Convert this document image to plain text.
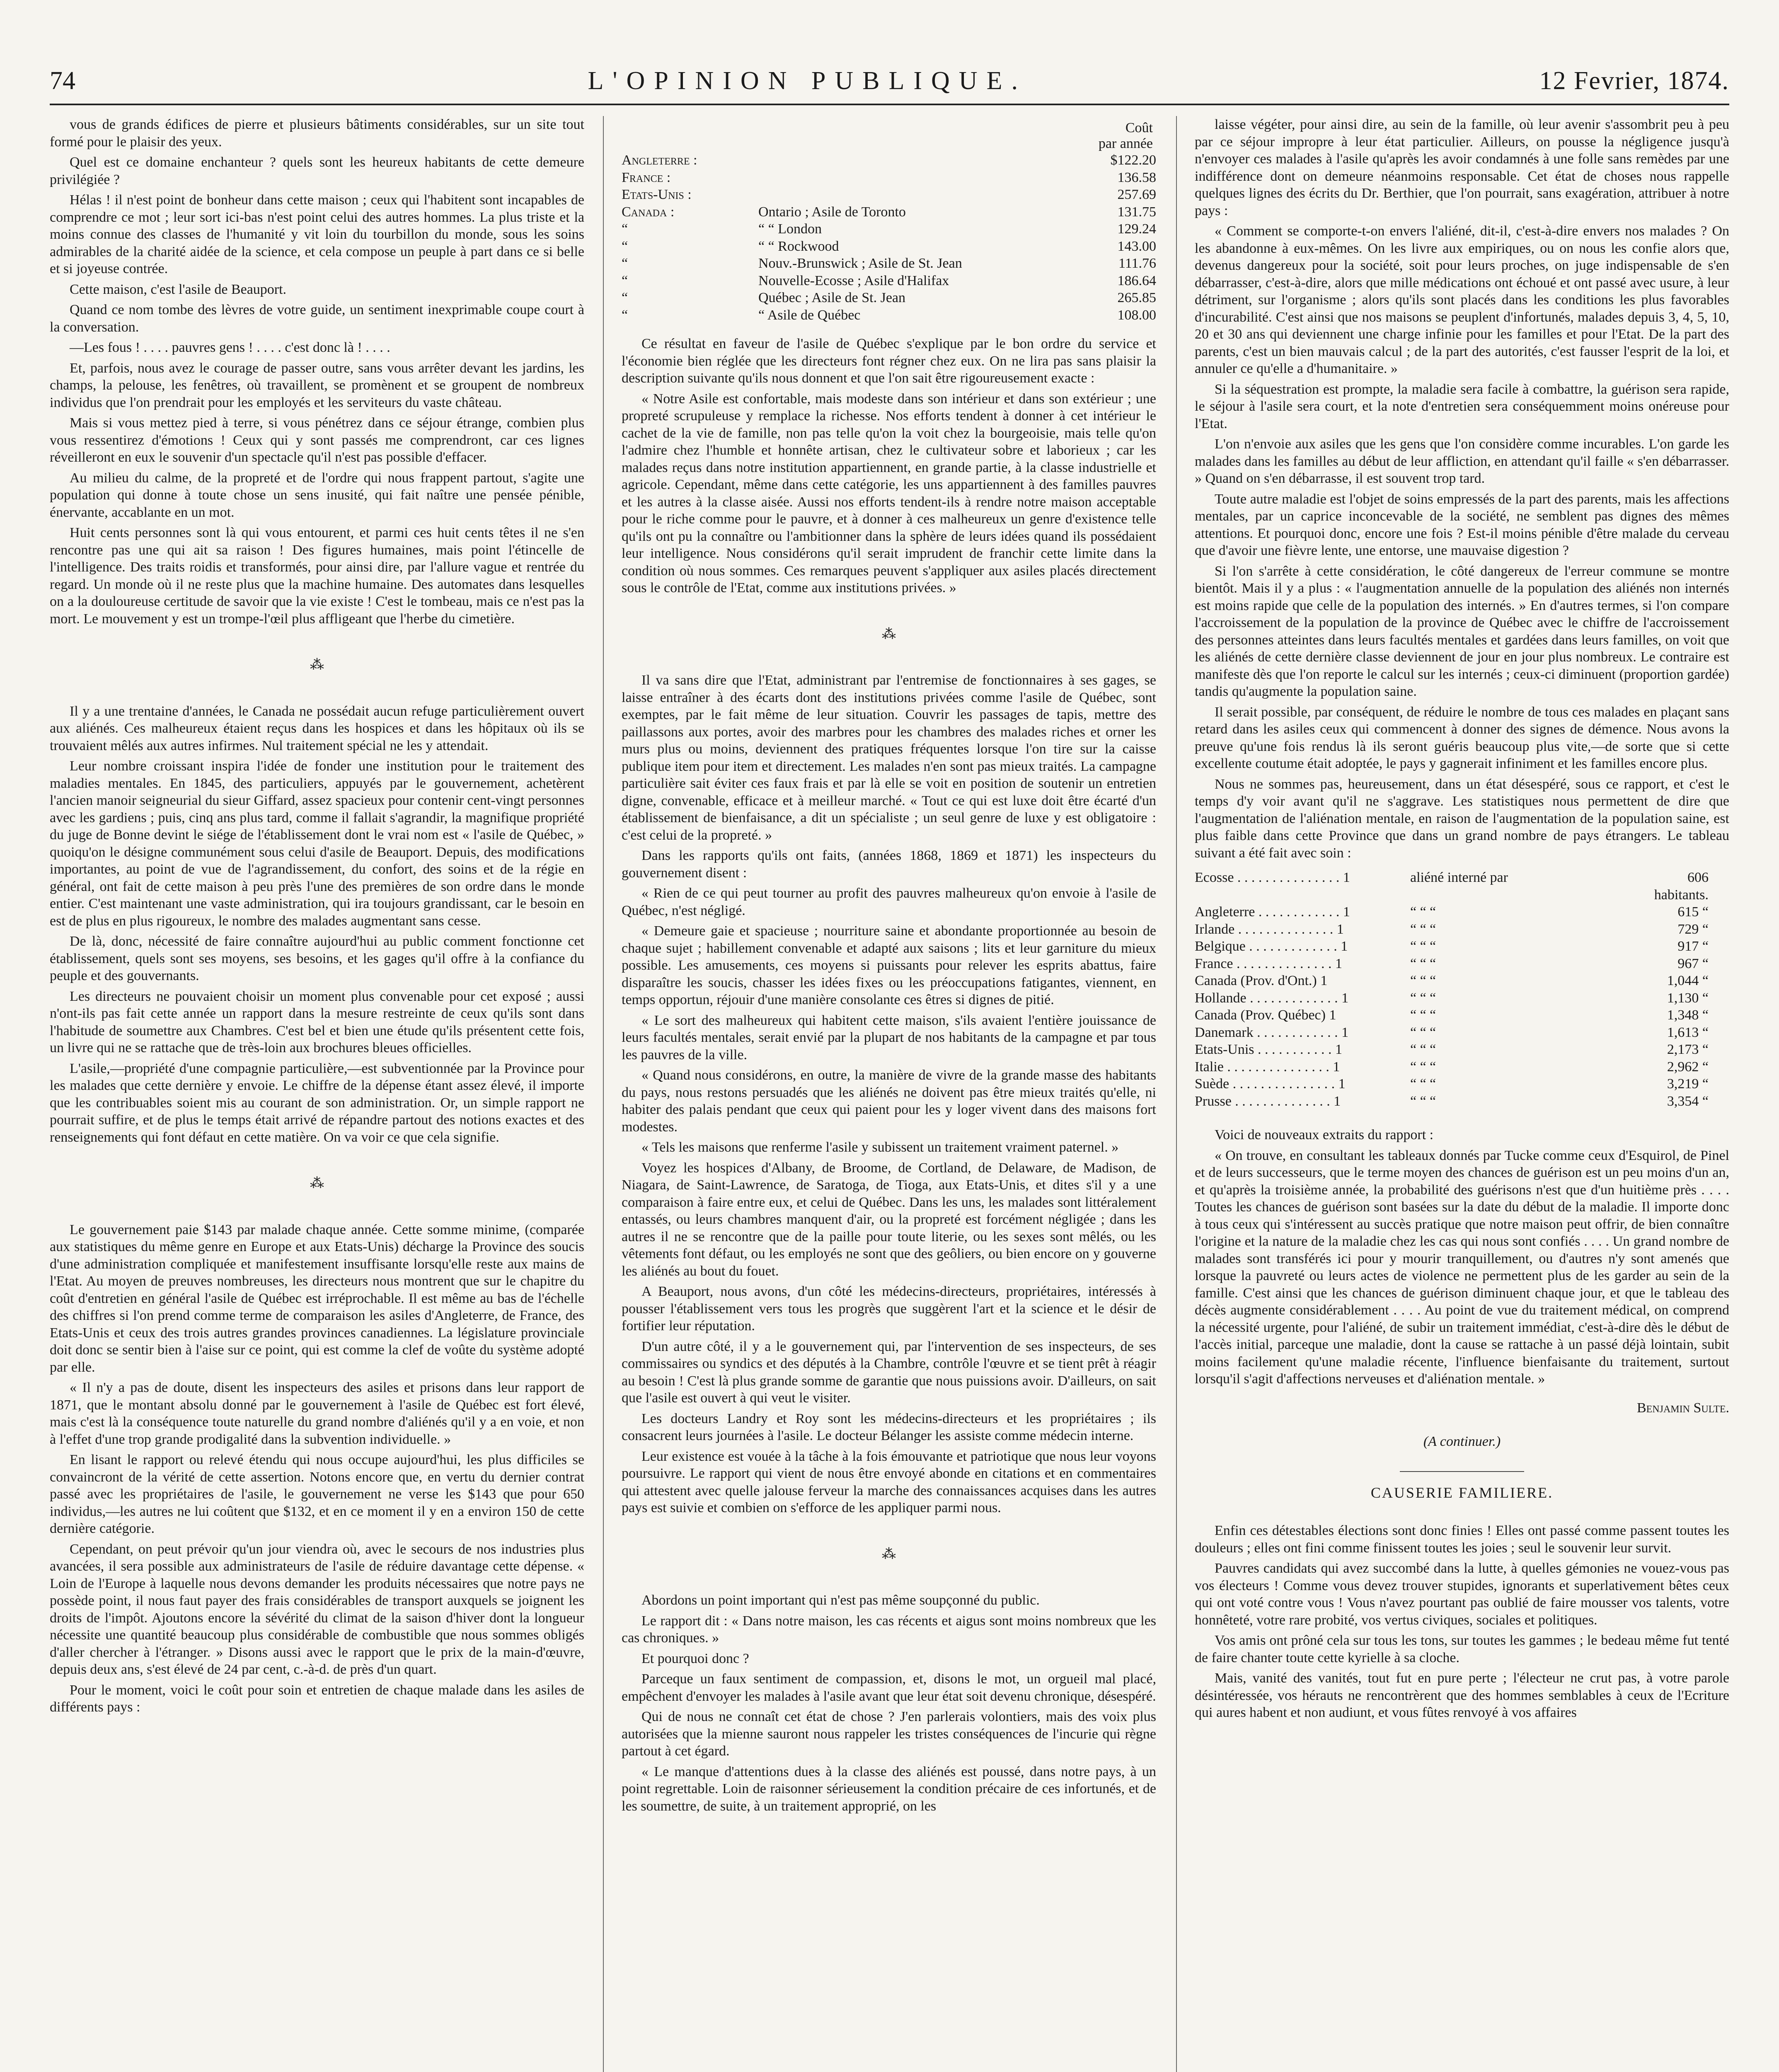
74	L'OPINION PUBLIQUE.	12 Fevrier, 1874.

vous de grands édifices de pierre et plusieurs bâtiments considérables, sur un site tout formé pour le plaisir des yeux.

Quel est ce domaine enchanteur ? quels sont les heureux habitants de cette demeure privilégiée ?

Hélas ! il n'est point de bonheur dans cette maison ; ceux qui l'habitent sont incapables de comprendre ce mot ; leur sort ici-bas n'est point celui des autres hommes. La plus triste et la moins connue des classes de l'humanité y vit loin du tourbillon du monde, sous les soins admirables de la charité aidée de la science, et cela compose un peuple à part dans ce si belle et si joyeuse contrée.

Cette maison, c'est l'asile de Beauport.

Quand ce nom tombe des lèvres de votre guide, un sentiment inexprimable coupe court à la conversation.

—Les fous ! . . . . pauvres gens ! . . . . c'est donc là ! . . . .

Et, parfois, nous avez le courage de passer outre, sans vous arrêter devant les jardins, les champs, la pelouse, les fenêtres, où travaillent, se promènent et se groupent de nombreux individus que l'on prendrait pour les employés et les serviteurs du vaste château.

Mais si vous mettez pied à terre, si vous pénétrez dans ce séjour étrange, combien plus vous ressentirez d'émotions ! Ceux qui y sont passés me comprendront, car ces lignes réveilleront en eux le souvenir d'un spectacle qu'il n'est pas possible d'effacer.

Au milieu du calme, de la propreté et de l'ordre qui nous frappent partout, s'agite une population qui donne à toute chose un sens inusité, qui fait naître une pensée pénible, énervante, accablante en un mot.

Huit cents personnes sont là qui vous entourent, et parmi ces huit cents têtes il ne s'en rencontre pas une qui ait sa raison ! Des figures humaines, mais point l'étincelle de l'intelligence. Des traits roidis et transformés, pour ainsi dire, par l'allure vague et rentrée du regard. Un monde où il ne reste plus que la machine humaine. Des automates dans lesquelles on a la douloureuse certitude de savoir que la vie existe ! C'est le tombeau, mais ce n'est pas la mort. Le mouvement y est un trompe-l'œil plus affligeant que l'herbe du cimetière.

⁂

Il y a une trentaine d'années, le Canada ne possédait aucun refuge particulièrement ouvert aux aliénés. Ces malheureux étaient reçus dans les hospices et dans les hôpitaux où ils se trouvaient mêlés aux autres infirmes. Nul traitement spécial ne les y attendait.

Leur nombre croissant inspira l'idée de fonder une institution pour le traitement des maladies mentales. En 1845, des particuliers, appuyés par le gouvernement, achetèrent l'ancien manoir seigneurial du sieur Giffard, assez spacieux pour contenir cent-vingt personnes avec les gardiens ; puis, cinq ans plus tard, comme il fallait s'agrandir, la magnifique propriété du juge de Bonne devint le siége de l'établissement dont le vrai nom est « l'asile de Québec, » quoiqu'on le désigne communément sous celui d'asile de Beauport. Depuis, des modifications importantes, au point de vue de l'agrandissement, du confort, des soins et de la régie en général, ont fait de cette maison à peu près l'une des premières de son ordre dans le monde entier. C'est maintenant une vaste administration, qui ira toujours grandissant, car le besoin en est de plus en plus rigoureux, le nombre des malades augmentant sans cesse.

De là, donc, nécessité de faire connaître aujourd'hui au public comment fonctionne cet établissement, quels sont ses moyens, ses besoins, et les gages qu'il offre à la confiance du peuple et des gouvernants.

Les directeurs ne pouvaient choisir un moment plus convenable pour cet exposé ; aussi n'ont-ils pas fait cette année un rapport dans la mesure restreinte de ceux qu'ils sont dans l'habitude de soumettre aux Chambres. C'est bel et bien une étude qu'ils présentent cette fois, un livre qui ne se rattache que de très-loin aux brochures bleues officielles.

L'asile,—propriété d'une compagnie particulière,—est subventionnée par la Province pour les malades que cette dernière y envoie. Le chiffre de la dépense étant assez élevé, il importe que les contribuables soient mis au courant de son administration. Or, un simple rapport ne pourrait suffire, et de plus le temps était arrivé de répandre partout des notions exactes et des renseignements qui font défaut en cette matière. On va voir ce que cela signifie.

⁂

Le gouvernement paie $143 par malade chaque année. Cette somme minime, (comparée aux statistiques du même genre en Europe et aux Etats-Unis) décharge la Province des soucis d'une administration compliquée et manifestement insuffisante lorsqu'elle reste aux mains de l'Etat. Au moyen de preuves nombreuses, les directeurs nous montrent que sur le chapitre du coût d'entretien en général l'asile de Québec est irréprochable. Il est même au bas de l'échelle des chiffres si l'on prend comme terme de comparaison les asiles d'Angleterre, de France, des Etats-Unis et ceux des trois autres grandes provinces canadiennes. La législature provinciale doit donc se sentir bien à l'aise sur ce point, qui est comme la clef de voûte du système adopté par elle.

« Il n'y a pas de doute, disent les inspecteurs des asiles et prisons dans leur rapport de 1871, que le montant absolu donné par le gouvernement à l'asile de Québec est fort élevé, mais c'est là la conséquence toute naturelle du grand nombre d'aliénés qu'il y a en voie, et non à l'effet d'une trop grande prodigalité dans la subvention individuelle. »

En lisant le rapport ou relevé étendu qui nous occupe aujourd'hui, les plus difficiles se convaincront de la vérité de cette assertion. Notons encore que, en vertu du dernier contrat passé avec les propriétaires de l'asile, le gouvernement ne verse les $143 que pour 650 individus,—les autres ne lui coûtent que $132, et en ce moment il y en a environ 150 de cette dernière catégorie.

Cependant, on peut prévoir qu'un jour viendra où, avec le secours de nos industries plus avancées, il sera possible aux administrateurs de l'asile de réduire davantage cette dépense. « Loin de l'Europe à laquelle nous devons demander les produits nécessaires que notre pays ne possède point, il nous faut payer des frais considérables de transport auxquels se joignent les droits de l'impôt. Ajoutons encore la sévérité du climat de la saison d'hiver dont la longueur nécessite une quantité beaucoup plus considérable de combustible que nous sommes obligés d'aller chercher à l'étranger. » Disons aussi avec le rapport que le prix de la main-d'œuvre, depuis deux ans, s'est élevé de 24 par cent, c.-à-d. de près d'un quart.

Pour le moment, voici le coût pour soin et entretien de chaque malade dans les asiles de différents pays :

Coût
par année
Angleterre :	$122.20
France :	136.58
Etats-Unis :	257.69
Canada :	Ontario ; Asile de Toronto	131.75
“	“ “ London	129.24
“	“ “ Rockwood	143.00
“	Nouv.-Brunswick ; Asile de St. Jean	111.76
“	Nouvelle-Ecosse ; Asile d'Halifax	186.64
“	Québec ; Asile de St. Jean	265.85
“	“ Asile de Québec	108.00

Ce résultat en faveur de l'asile de Québec s'explique par le bon ordre du service et l'économie bien réglée que les directeurs font régner chez eux. On ne lira pas sans plaisir la description suivante qu'ils nous donnent et que l'on sait être rigoureusement exacte :

« Notre Asile est confortable, mais modeste dans son intérieur et dans son extérieur ; une propreté scrupuleuse y remplace la richesse. Nos efforts tendent à donner à cet intérieur le cachet de la vie de famille, non pas telle qu'on la voit chez la bourgeoisie, mais telle qu'on l'admire chez l'humble et honnête artisan, chez le cultivateur sobre et laborieux ; car les malades reçus dans notre institution appartiennent, en grande partie, à la classe industrielle et agricole. Cependant, même dans cette catégorie, les uns appartiennent à des familles pauvres et les autres à la classe aisée. Aussi nos efforts tendent-ils à rendre notre maison acceptable pour le riche comme pour le pauvre, et à donner à ces malheureux un genre d'existence telle qu'ils ont pu la connaître ou l'ambitionner dans la sphère de leurs idées quand ils possédaient leur intelligence. Nous considérons qu'il serait imprudent de franchir cette limite dans la condition où nous sommes. Ces remarques peuvent s'appliquer aux asiles placés directement sous le contrôle de l'Etat, comme aux institutions privées. »

⁂

Il va sans dire que l'Etat, administrant par l'entremise de fonctionnaires à ses gages, se laisse entraîner à des écarts dont des institutions privées comme l'asile de Québec, sont exemptes, par le fait même de leur situation. Couvrir les passages de tapis, mettre des paillassons aux portes, avoir des marbres pour les chambres des malades riches et orner les murs plus ou moins, deviennent des pratiques fréquentes lorsque l'on tire sur la caisse publique item pour item et directement. Les malades n'en sont pas mieux traités. La campagne particulière sait éviter ces faux frais et par là elle se voit en position de soutenir un entretien digne, convenable, efficace et à meilleur marché. « Tout ce qui est luxe doit être écarté d'un établissement de bienfaisance, a dit un spécialiste ; un seul genre de luxe y est obligatoire : c'est celui de la propreté. »

Dans les rapports qu'ils ont faits, (années 1868, 1869 et 1871) les inspecteurs du gouvernement disent :

« Rien de ce qui peut tourner au profit des pauvres malheureux qu'on envoie à l'asile de Québec, n'est négligé.

« Demeure gaie et spacieuse ; nourriture saine et abondante proportionnée au besoin de chaque sujet ; habillement convenable et adapté aux saisons ; lits et leur garniture du mieux possible. Les amusements, ces moyens si puissants pour relever les esprits abattus, faire disparaître les soucis, chasser les idées fixes ou les préoccupations fatigantes, viennent, en temps opportun, réjouir d'une manière consolante ces êtres si dignes de pitié.

« Le sort des malheureux qui habitent cette maison, s'ils avaient l'entière jouissance de leurs facultés mentales, serait envié par la plupart de nos habitants de la campagne et par tous les pauvres de la ville.

« Quand nous considérons, en outre, la manière de vivre de la grande masse des habitants du pays, nous restons persuadés que les aliénés ne doivent pas être mieux traités qu'elle, ni habiter des palais pendant que ceux qui paient pour les y loger vivent dans des maisons fort modestes.

« Tels les maisons que renferme l'asile y subissent un traitement vraiment paternel. »

Voyez les hospices d'Albany, de Broome, de Cortland, de Delaware, de Madison, de Niagara, de Saint-Lawrence, de Saratoga, de Tioga, aux Etats-Unis, et dites s'il y a une comparaison à faire entre eux, et celui de Québec. Dans les uns, les malades sont littéralement entassés, ou leurs chambres manquent d'air, ou la propreté est forcément négligée ; dans les autres il ne se rencontre que de la paille pour toute literie, ou les sexes sont mêlés, ou les vêtements font défaut, ou les employés ne sont que des geôliers, ou bien encore on y gouverne les aliénés au bout du fouet.

A Beauport, nous avons, d'un côté les médecins-directeurs, propriétaires, intéressés à pousser l'établissement vers tous les progrès que suggèrent l'art et la science et le désir de fortifier leur réputation.

D'un autre côté, il y a le gouvernement qui, par l'intervention de ses inspecteurs, de ses commissaires ou syndics et des députés à la Chambre, contrôle l'œuvre et se tient prêt à réagir au besoin ! C'est là plus grande somme de garantie que nous puissions avoir. D'ailleurs, on sait que l'asile est ouvert à qui veut le visiter.

Les docteurs Landry et Roy sont les médecins-directeurs et les propriétaires ; ils consacrent leurs journées à l'asile. Le docteur Bélanger les assiste comme médecin interne.

Leur existence est vouée à la tâche à la fois émouvante et patriotique que nous leur voyons poursuivre. Le rapport qui vient de nous être envoyé abonde en citations et en commentaires qui attestent avec quelle jalouse ferveur la marche des connaissances acquises dans les autres pays est suivie et combien on s'efforce de les appliquer parmi nous.

⁂

Abordons un point important qui n'est pas même soupçonné du public.

Le rapport dit : « Dans notre maison, les cas récents et aigus sont moins nombreux que les cas chroniques. »

Et pourquoi donc ?

Parceque un faux sentiment de compassion, et, disons le mot, un orgueil mal placé, empêchent d'envoyer les malades à l'asile avant que leur état soit devenu chronique, désespéré.

Qui de nous ne connaît cet état de chose ? J'en parlerais volontiers, mais des voix plus autorisées que la mienne sauront nous rappeler les tristes conséquences de l'incurie qui règne partout à cet égard.

« Le manque d'attentions dues à la classe des aliénés est poussé, dans notre pays, à un point regrettable. Loin de raisonner sérieusement la condition précaire de ces infortunés, et de les soumettre, de suite, à un traitement approprié, on les

laisse végéter, pour ainsi dire, au sein de la famille, où leur avenir s'assombrit peu à peu par ce séjour impropre à leur état particulier. Ailleurs, on pousse la négligence jusqu'à n'envoyer ces malades à l'asile qu'après les avoir condamnés à une folle sans remèdes par une indifférence dont on demeure néanmoins responsable. Cet état de choses nous rappelle quelques lignes des écrits du Dr. Berthier, que l'on pourrait, sans exagération, attribuer à notre pays :

« Comment se comporte-t-on envers l'aliéné, dit-il, c'est-à-dire envers nos malades ? On les abandonne à eux-mêmes. On les livre aux empiriques, ou on nous les confie alors que, devenus dangereux pour la société, soit pour leurs proches, on juge indispensable de s'en débarrasser, c'est-à-dire, alors que mille médications ont échoué et ont passé avec usure, à leur détriment, sur l'organisme ; alors qu'ils sont placés dans les conditions les plus favorables d'incurabilité. C'est ainsi que nos maisons se peuplent d'infortunés, malades depuis 3, 4, 5, 10, 20 et 30 ans qui deviennent une charge infinie pour les familles et pour l'Etat. De la part des parents, c'est un bien mauvais calcul ; de la part des autorités, c'est fausser l'esprit de la loi, et annuler ce qu'elle a d'humanitaire. »

Si la séquestration est prompte, la maladie sera facile à combattre, la guérison sera rapide, le séjour à l'asile sera court, et la note d'entretien sera conséquemment moins onéreuse pour l'Etat.

L'on n'envoie aux asiles que les gens que l'on considère comme incurables. L'on garde les malades dans les familles au début de leur affliction, en attendant qu'il faille « s'en débarrasser. » Quand on s'en débarrasse, il est souvent trop tard.

Toute autre maladie est l'objet de soins empressés de la part des parents, mais les affections mentales, par un caprice inconcevable de la société, ne semblent pas dignes des mêmes attentions. Et pourquoi donc, encore une fois ? Est-il moins pénible d'être malade du cerveau que d'avoir une fièvre lente, une entorse, une mauvaise digestion ?

Si l'on s'arrête à cette considération, le côté dangereux de l'erreur commune se montre bientôt. Mais il y a plus : « l'augmentation annuelle de la population des aliénés non internés est moins rapide que celle de la population des internés. » En d'autres termes, si l'on compare l'accroissement de la population de la province de Québec avec le chiffre de l'accroissement des personnes atteintes dans leurs facultés mentales et gardées dans leurs familles, on voit que les aliénés de cette dernière classe deviennent de jour en jour plus nombreux. Le contraire est manifeste dès que l'on reporte le calcul sur les internés ; ceux-ci diminuent (proportion gardée) tandis qu'augmente la population saine.

Il serait possible, par conséquent, de réduire le nombre de tous ces malades en plaçant sans retard dans les asiles ceux qui commencent à donner des signes de démence. Nous avons la preuve qu'une fois rendus là ils seront guéris beaucoup plus vite,—de sorte que si cette excellente coutume était adoptée, le pays y gagnerait infiniment et les familles encore plus.

Nous ne sommes pas, heureusement, dans un état désespéré, sous ce rapport, et c'est le temps d'y voir avant qu'il ne s'aggrave. Les statistiques nous permettent de dire que l'augmentation de l'aliénation mentale, en raison de l'augmentation de la population saine, est plus faible dans cette Province que dans un grand nombre de pays étrangers. Le tableau suivant a été fait avec soin :

Ecosse . . . . . . . . . . . . . . . 1	aliéné interné par	606 habitants.
Angleterre . . . . . . . . . . . . 1	“ “ “	615 “
Irlande . . . . . . . . . . . . . . 1	“ “ “	729 “
Belgique . . . . . . . . . . . . . 1	“ “ “	917 “
France . . . . . . . . . . . . . . 1	“ “ “	967 “
Canada (Prov. d'Ont.) 1	“ “ “	1,044 “
Hollande . . . . . . . . . . . . . 1	“ “ “	1,130 “
Canada (Prov. Québec) 1	“ “ “	1,348 “
Danemark . . . . . . . . . . . . 1	“ “ “	1,613 “
Etats-Unis . . . . . . . . . . . 1	“ “ “	2,173 “
Italie . . . . . . . . . . . . . . . 1	“ “ “	2,962 “
Suède . . . . . . . . . . . . . . . 1	“ “ “	3,219 “
Prusse . . . . . . . . . . . . . . 1	“ “ “	3,354 “

Voici de nouveaux extraits du rapport :

« On trouve, en consultant les tableaux donnés par Tucke comme ceux d'Esquirol, de Pinel et de leurs successeurs, que le terme moyen des chances de guérison est un peu moins d'un an, et qu'après la troisième année, la probabilité des guérisons n'est que d'un huitième près . . . . Toutes les chances de guérison sont basées sur la date du début de la maladie. Il importe donc à tous ceux qui s'intéressent au succès pratique que notre maison peut offrir, de bien connaître l'origine et la nature de la maladie chez les cas qui nous sont confiés . . . . Un grand nombre de malades sont transférés ici pour y mourir tranquillement, ou d'autres n'y sont amenés que lorsque la pauvreté ou leurs actes de violence ne permettent plus de les garder au sein de la famille. C'est ainsi que les chances de guérison diminuent chaque jour, et que le tableau des décès augmente considérablement . . . . Au point de vue du traitement médical, on comprend la nécessité urgente, pour l'aliéné, de subir un traitement immédiat, c'est-à-dire dès le début de l'accès initial, parceque une maladie, dont la cause se rattache à un passé déjà lointain, subit moins facilement qu'une maladie récente, l'influence bienfaisante du traitement, surtout lorsqu'il s'agit d'affections nerveuses et d'aliénation mentale. »

Benjamin Sulte.
(A continuer.)
CAUSERIE FAMILIERE.

Enfin ces détestables élections sont donc finies ! Elles ont passé comme passent toutes les douleurs ; elles ont fini comme finissent toutes les joies ; seul le souvenir leur survit.

Pauvres candidats qui avez succombé dans la lutte, à quelles gémonies ne vouez-vous pas vos électeurs ! Comme vous devez trouver stupides, ignorants et superlativement bêtes ceux qui ont voté contre vous ! Vous n'avez pourtant pas oublié de faire mousser vos talents, votre honnêteté, votre rare probité, vos vertus civiques, sociales et politiques.

Vos amis ont prôné cela sur tous les tons, sur toutes les gammes ; le bedeau même fut tenté de faire chanter toute cette kyrielle à sa cloche.

Mais, vanité des vanités, tout fut en pure perte ; l'électeur ne crut pas, à votre parole désintéressée, vos hérauts ne rencontrèrent que des hommes semblables à ceux de l'Ecriture qui aures habent et non audiunt, et vous fûtes renvoyé à vos affaires
